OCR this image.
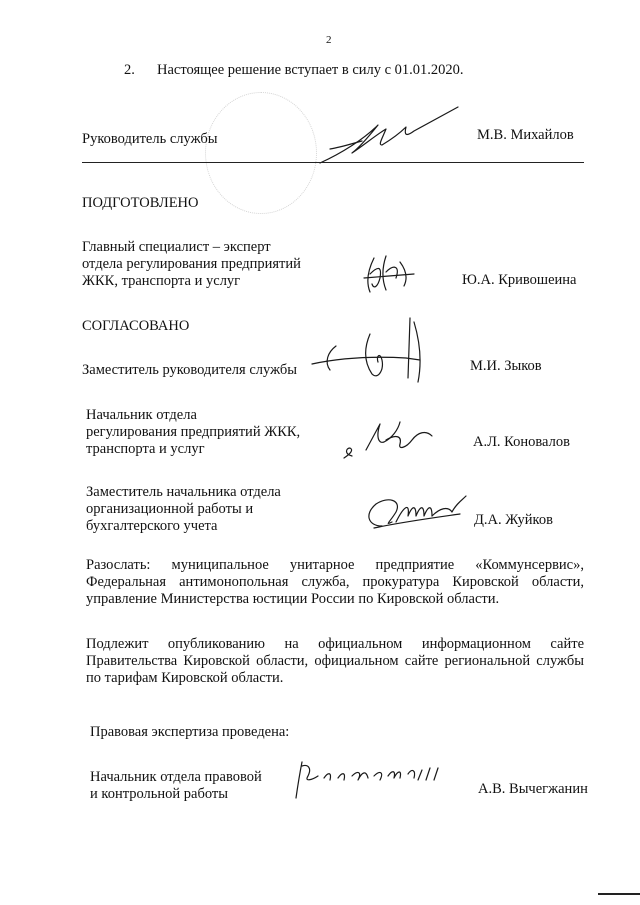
2
2. Настоящее решение вступает в силу с 01.01.2020.
Руководитель службы	М.В. Михайлов
ПОДГОТОВЛЕНО
Главный специалист – эксперт
отдела регулирования предприятий
ЖКК, транспорта и услуг	Ю.А. Кривошеина
СОГЛАСОВАНО
Заместитель руководителя службы	М.И. Зыков
Начальник отдела
регулирования предприятий ЖКК,
транспорта и услуг	А.Л. Коновалов
Заместитель начальника отдела
организационной работы и
бухгалтерского учета	Д.А. Жуйков
Разослать: муниципальное унитарное предприятие «Коммунсервис»,
Федеральная антимонопольная служба, прокуратура Кировской области,
управление Министерства юстиции России по Кировской области.
Подлежит опубликованию на официальном информационном сайте
Правительства Кировской области, официальном сайте региональной службы
по тарифам Кировской области.
Правовая экспертиза проведена:
Начальник отдела правовой
и контрольной работы	А.В. Вычегжанин
